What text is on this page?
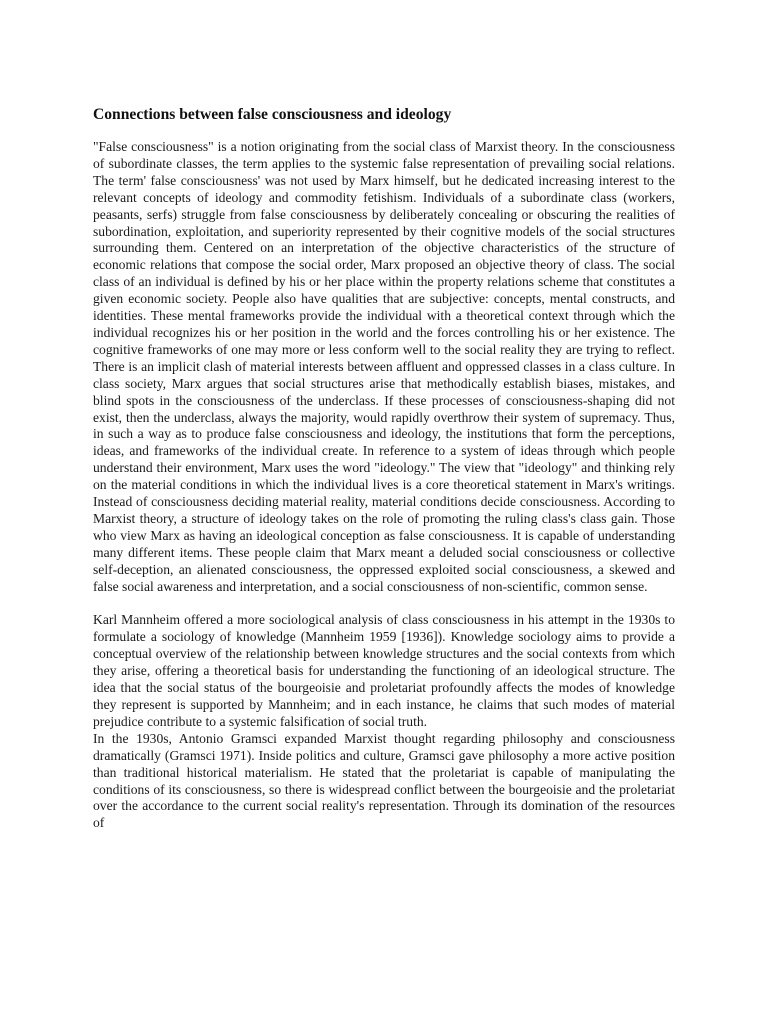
Connections between false consciousness and ideology

"False consciousness" is a notion originating from the social class of Marxist theory. In the consciousness of subordinate classes, the term applies to the systemic false representation of prevailing social relations. The term' false consciousness' was not used by Marx himself, but he dedicated increasing interest to the relevant concepts of ideology and commodity fetishism. Individuals of a subordinate class (workers, peasants, serfs) struggle from false consciousness by deliberately concealing or obscuring the realities of subordination, exploitation, and superiority represented by their cognitive models of the social structures surrounding them. Centered on an interpretation of the objective characteristics of the structure of economic relations that compose the social order, Marx proposed an objective theory of class. The social class of an individual is defined by his or her place within the property relations scheme that constitutes a given economic society. People also have qualities that are subjective: concepts, mental constructs, and identities. These mental frameworks provide the individual with a theoretical context through which the individual recognizes his or her position in the world and the forces controlling his or her existence. The cognitive frameworks of one may more or less conform well to the social reality they are trying to reflect. There is an implicit clash of material interests between affluent and oppressed classes in a class culture. In class society, Marx argues that social structures arise that methodically establish biases, mistakes, and blind spots in the consciousness of the underclass. If these processes of consciousness-shaping did not exist, then the underclass, always the majority, would rapidly overthrow their system of supremacy. Thus, in such a way as to produce false consciousness and ideology, the institutions that form the perceptions, ideas, and frameworks of the individual create. In reference to a system of ideas through which people understand their environment, Marx uses the word "ideology." The view that "ideology" and thinking rely on the material conditions in which the individual lives is a core theoretical statement in Marx's writings. Instead of consciousness deciding material reality, material conditions decide consciousness. According to Marxist theory, a structure of ideology takes on the role of promoting the ruling class's class gain. Those who view Marx as having an ideological conception as false consciousness. It is capable of understanding many different items. These people claim that Marx meant a deluded social consciousness or collective self-deception, an alienated consciousness, the oppressed exploited social consciousness, a skewed and false social awareness and interpretation, and a social consciousness of non-scientific, common sense.

Karl Mannheim offered a more sociological analysis of class consciousness in his attempt in the 1930s to formulate a sociology of knowledge (Mannheim 1959 [1936]). Knowledge sociology aims to provide a conceptual overview of the relationship between knowledge structures and the social contexts from which they arise, offering a theoretical basis for understanding the functioning of an ideological structure. The idea that the social status of the bourgeoisie and proletariat profoundly affects the modes of knowledge they represent is supported by Mannheim; and in each instance, he claims that such modes of material prejudice contribute to a systemic falsification of social truth.

In the 1930s, Antonio Gramsci expanded Marxist thought regarding philosophy and consciousness dramatically (Gramsci 1971). Inside politics and culture, Gramsci gave philosophy a more active position than traditional historical materialism. He stated that the proletariat is capable of manipulating the conditions of its consciousness, so there is widespread conflict between the bourgeoisie and the proletariat over the accordance to the current social reality's representation. Through its domination of the resources of
